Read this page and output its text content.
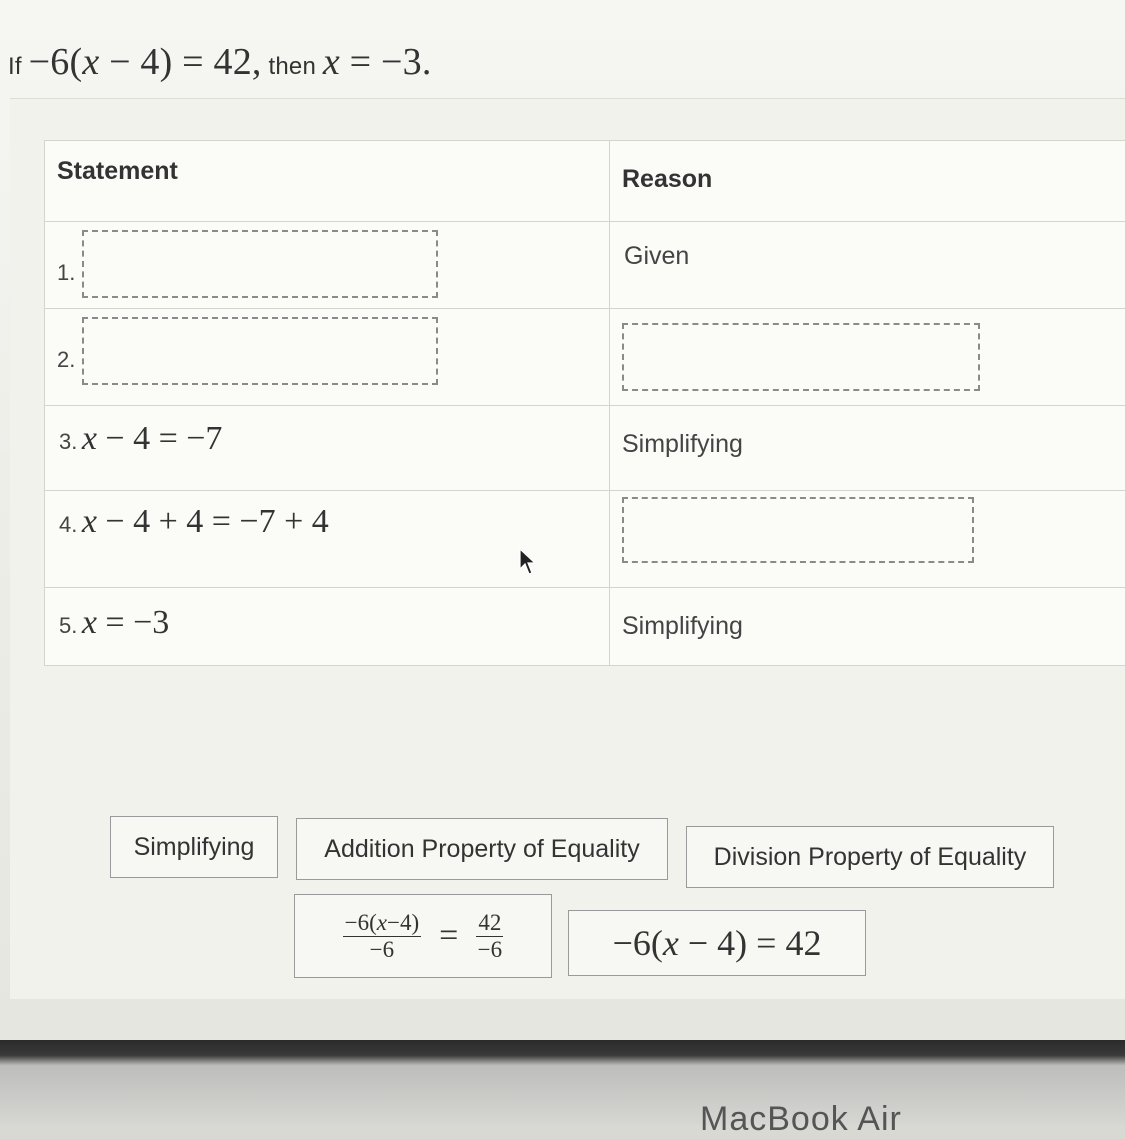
If −6(x − 4) = 42, then x = −3.
Statement	Reason
1.	Given
2.	
3. x − 4 = −7	Simplifying
4. x − 4 + 4 = −7 + 4	
5. x = −3	Simplifying
Simplifying	Addition Property of Equality	Division Property of Equality
$\frac{-6(x-4)}{-6} = \frac{42}{-6}$	−6(x − 4) = 42
MacBook Air
